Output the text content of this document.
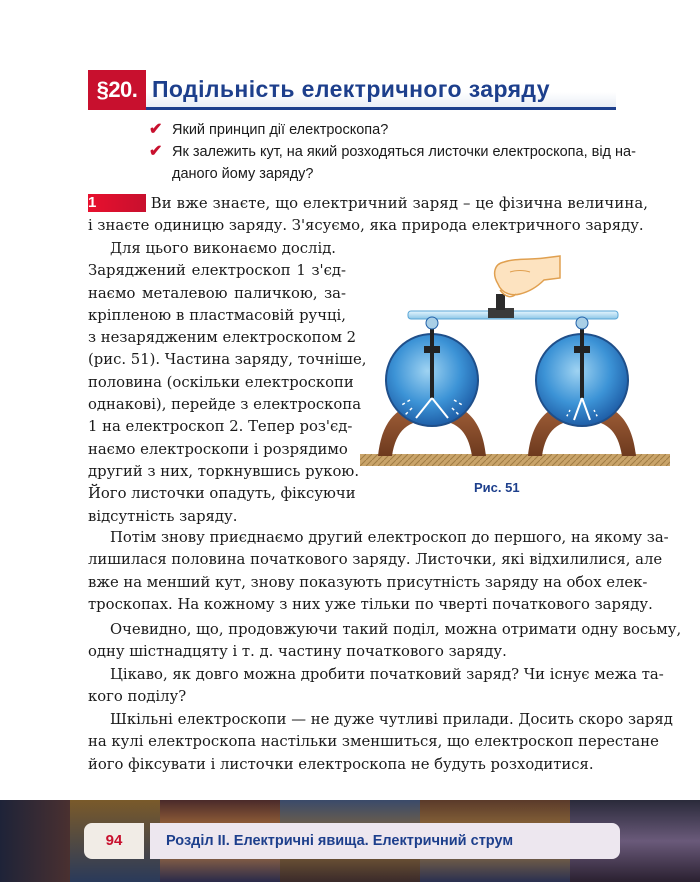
§20. Подільність електричного заряду
✔ Який принцип дії електроскопа?
✔ Як залежить кут, на який розходяться листочки електроскопа, від на-
даного йому заряду?
1	Ви вже знаєте, що електричний заряд – це фізична величина,
і знаєте одиницю заряду. З'ясуємо, яка природа електричного заряду.
Для цього виконаємо дослід.
Заряджений електроскоп 1 з'єд-
наємо металевою паличкою, за-
кріпленою в пластмасовій ручці,
з незарядженим електроскопом 2
(рис. 51). Частина заряду, точніше,
половина (оскільки електроскопи
однакові), перейде з електроскопа
1 на електроскоп 2. Тепер роз'єд-
наємо електроскопи і розрядимо
другий з них, торкнувшись рукою.
Його листочки опадуть, фіксуючи
відсутність заряду.
Рис. 51
Потім знову приєднаємо другий електроскоп до першого, на якому за-
лишилася половина початкового заряду. Листочки, які відхилилися, але
вже на менший кут, знову показують присутність заряду на обох елек-
троскопах. На кожному з них уже тільки по чверті початкового заряду.
Очевидно, що, продовжуючи такий поділ, можна отримати одну восьму,
одну шістнадцяту і т. д. частину початкового заряду.
Цікаво, як довго можна дробити початковий заряд? Чи існує межа та-
кого поділу?
Шкільні електроскопи — не дуже чутливі прилади. Досить скоро заряд
на кулі електроскопа настільки зменшиться, що електроскоп перестане
його фіксувати і листочки електроскопа не будуть розходитися.
94	Розділ ІІ. Електричні явища. Електричний струм
